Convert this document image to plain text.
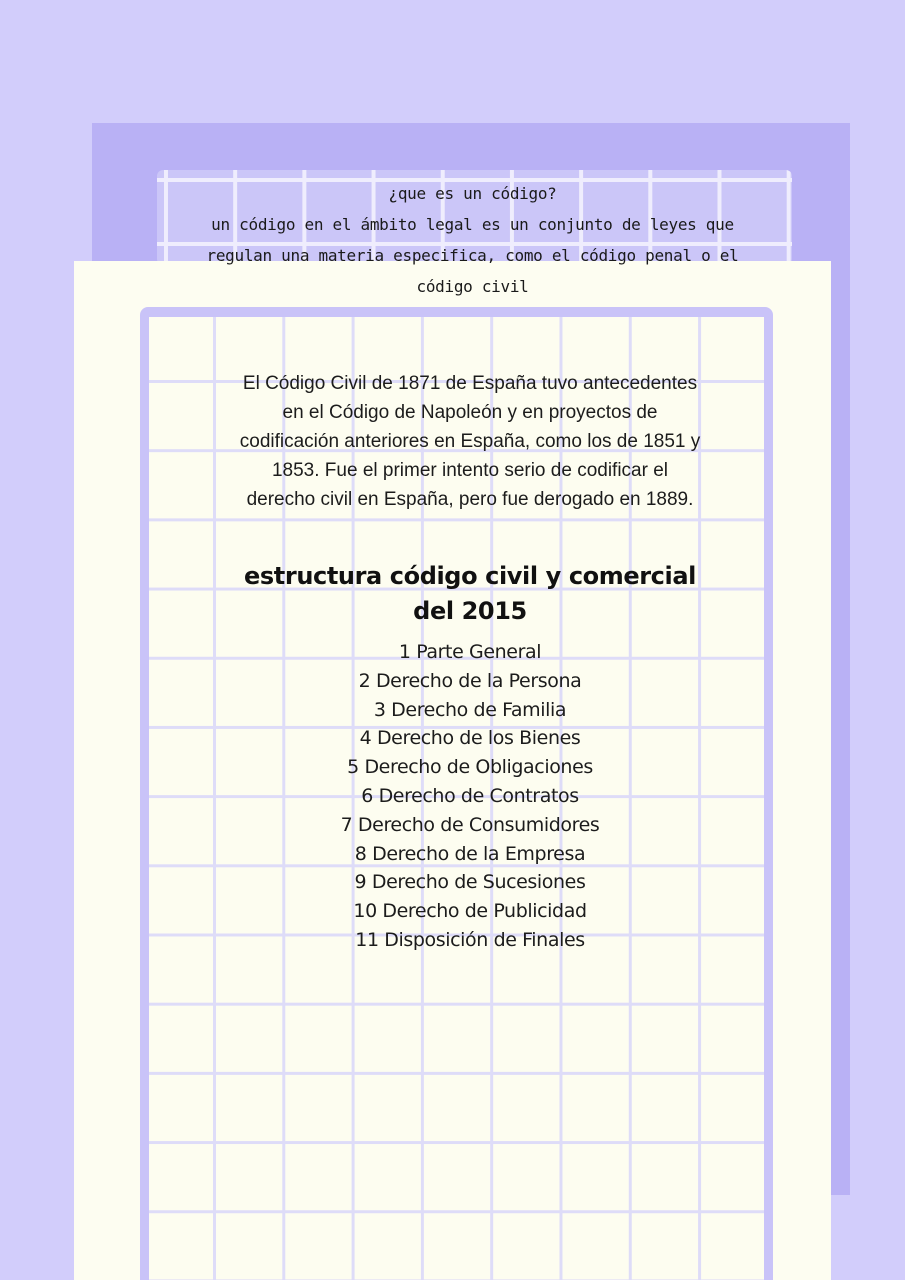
¿que es un código?
un código en el ámbito legal es un conjunto de leyes que
regulan una materia especifica, como el código penal o el
código civil
El Código Civil de 1871 de España tuvo antecedentes
en el Código de Napoleón y en proyectos de
codificación anteriores en España, como los de 1851 y
1853. Fue el primer intento serio de codificar el
derecho civil en España, pero fue derogado en 1889.
estructura código civil y comercial
del 2015
1 Parte General
2 Derecho de la Persona
3 Derecho de Familia
4 Derecho de los Bienes
5 Derecho de Obligaciones
6 Derecho de Contratos
7 Derecho de Consumidores
8 Derecho de la Empresa
9 Derecho de Sucesiones
10 Derecho de Publicidad
11 Disposición de Finales
